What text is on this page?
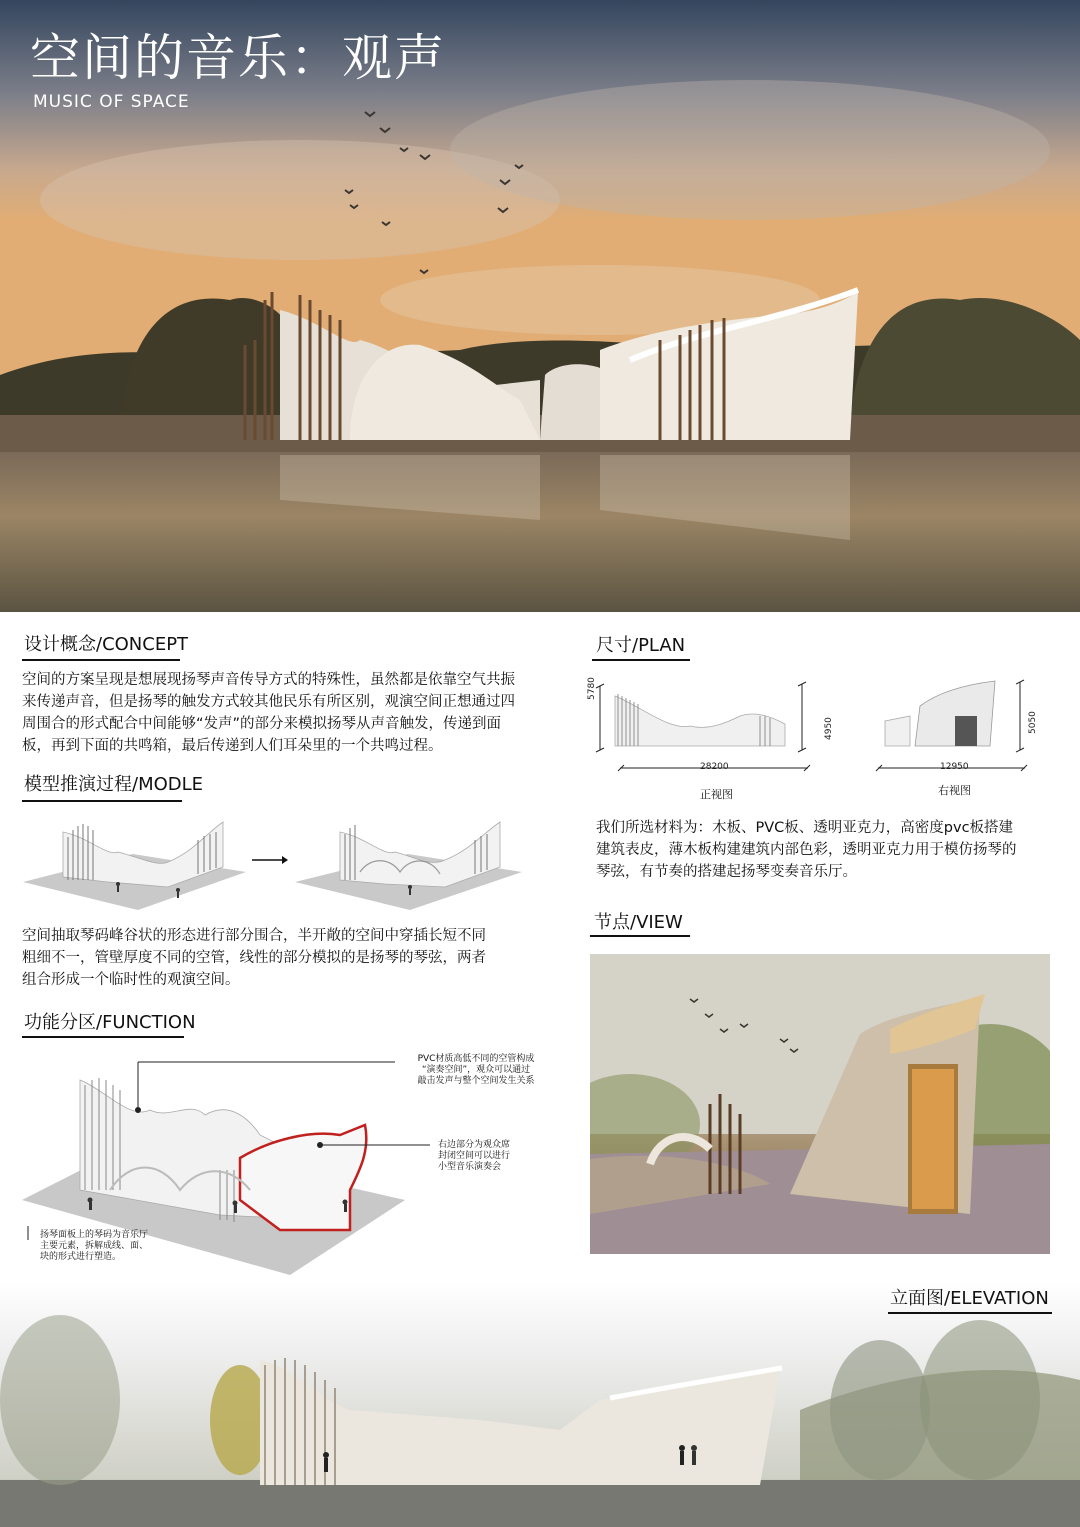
空间的音乐：观声
MUSIC OF SPACE
设计概念/CONCEPT
空间的方案呈现是想展现扬琴声音传导方式的特殊性，虽然都是依靠空气共振
来传递声音，但是扬琴的触发方式较其他民乐有所区别，观演空间正想通过四
周围合的形式配合中间能够“发声”的部分来模拟扬琴从声音触发，传递到面
板，再到下面的共鸣箱，最后传递到人们耳朵里的一个共鸣过程。
模型推演过程/MODLE
空间抽取琴码峰谷状的形态进行部分围合，半开敞的空间中穿插长短不同
粗细不一，管壁厚度不同的空管，线性的部分模拟的是扬琴的琴弦，两者
组合形成一个临时性的观演空间。
功能分区/FUNCTION
PVC材质高低不同的空管构成
“演奏空间”，观众可以通过
敲击发声与整个空间发生关系
右边部分为观众席
封闭空间可以进行
小型音乐演奏会
扬琴面板上的琴码为音乐厅
主要元素，拆解成线、面、
块的形式进行塑造。
尺寸/PLAN
5780
4950
28200
正视图
5050
12950
右视图
我们所选材料为：木板、PVC板、透明亚克力，高密度pvc板搭建
建筑表皮，薄木板构建建筑内部色彩，透明亚克力用于模仿扬琴的
琴弦，有节奏的搭建起扬琴变奏音乐厅。
节点/VIEW
立面图/ELEVATION
